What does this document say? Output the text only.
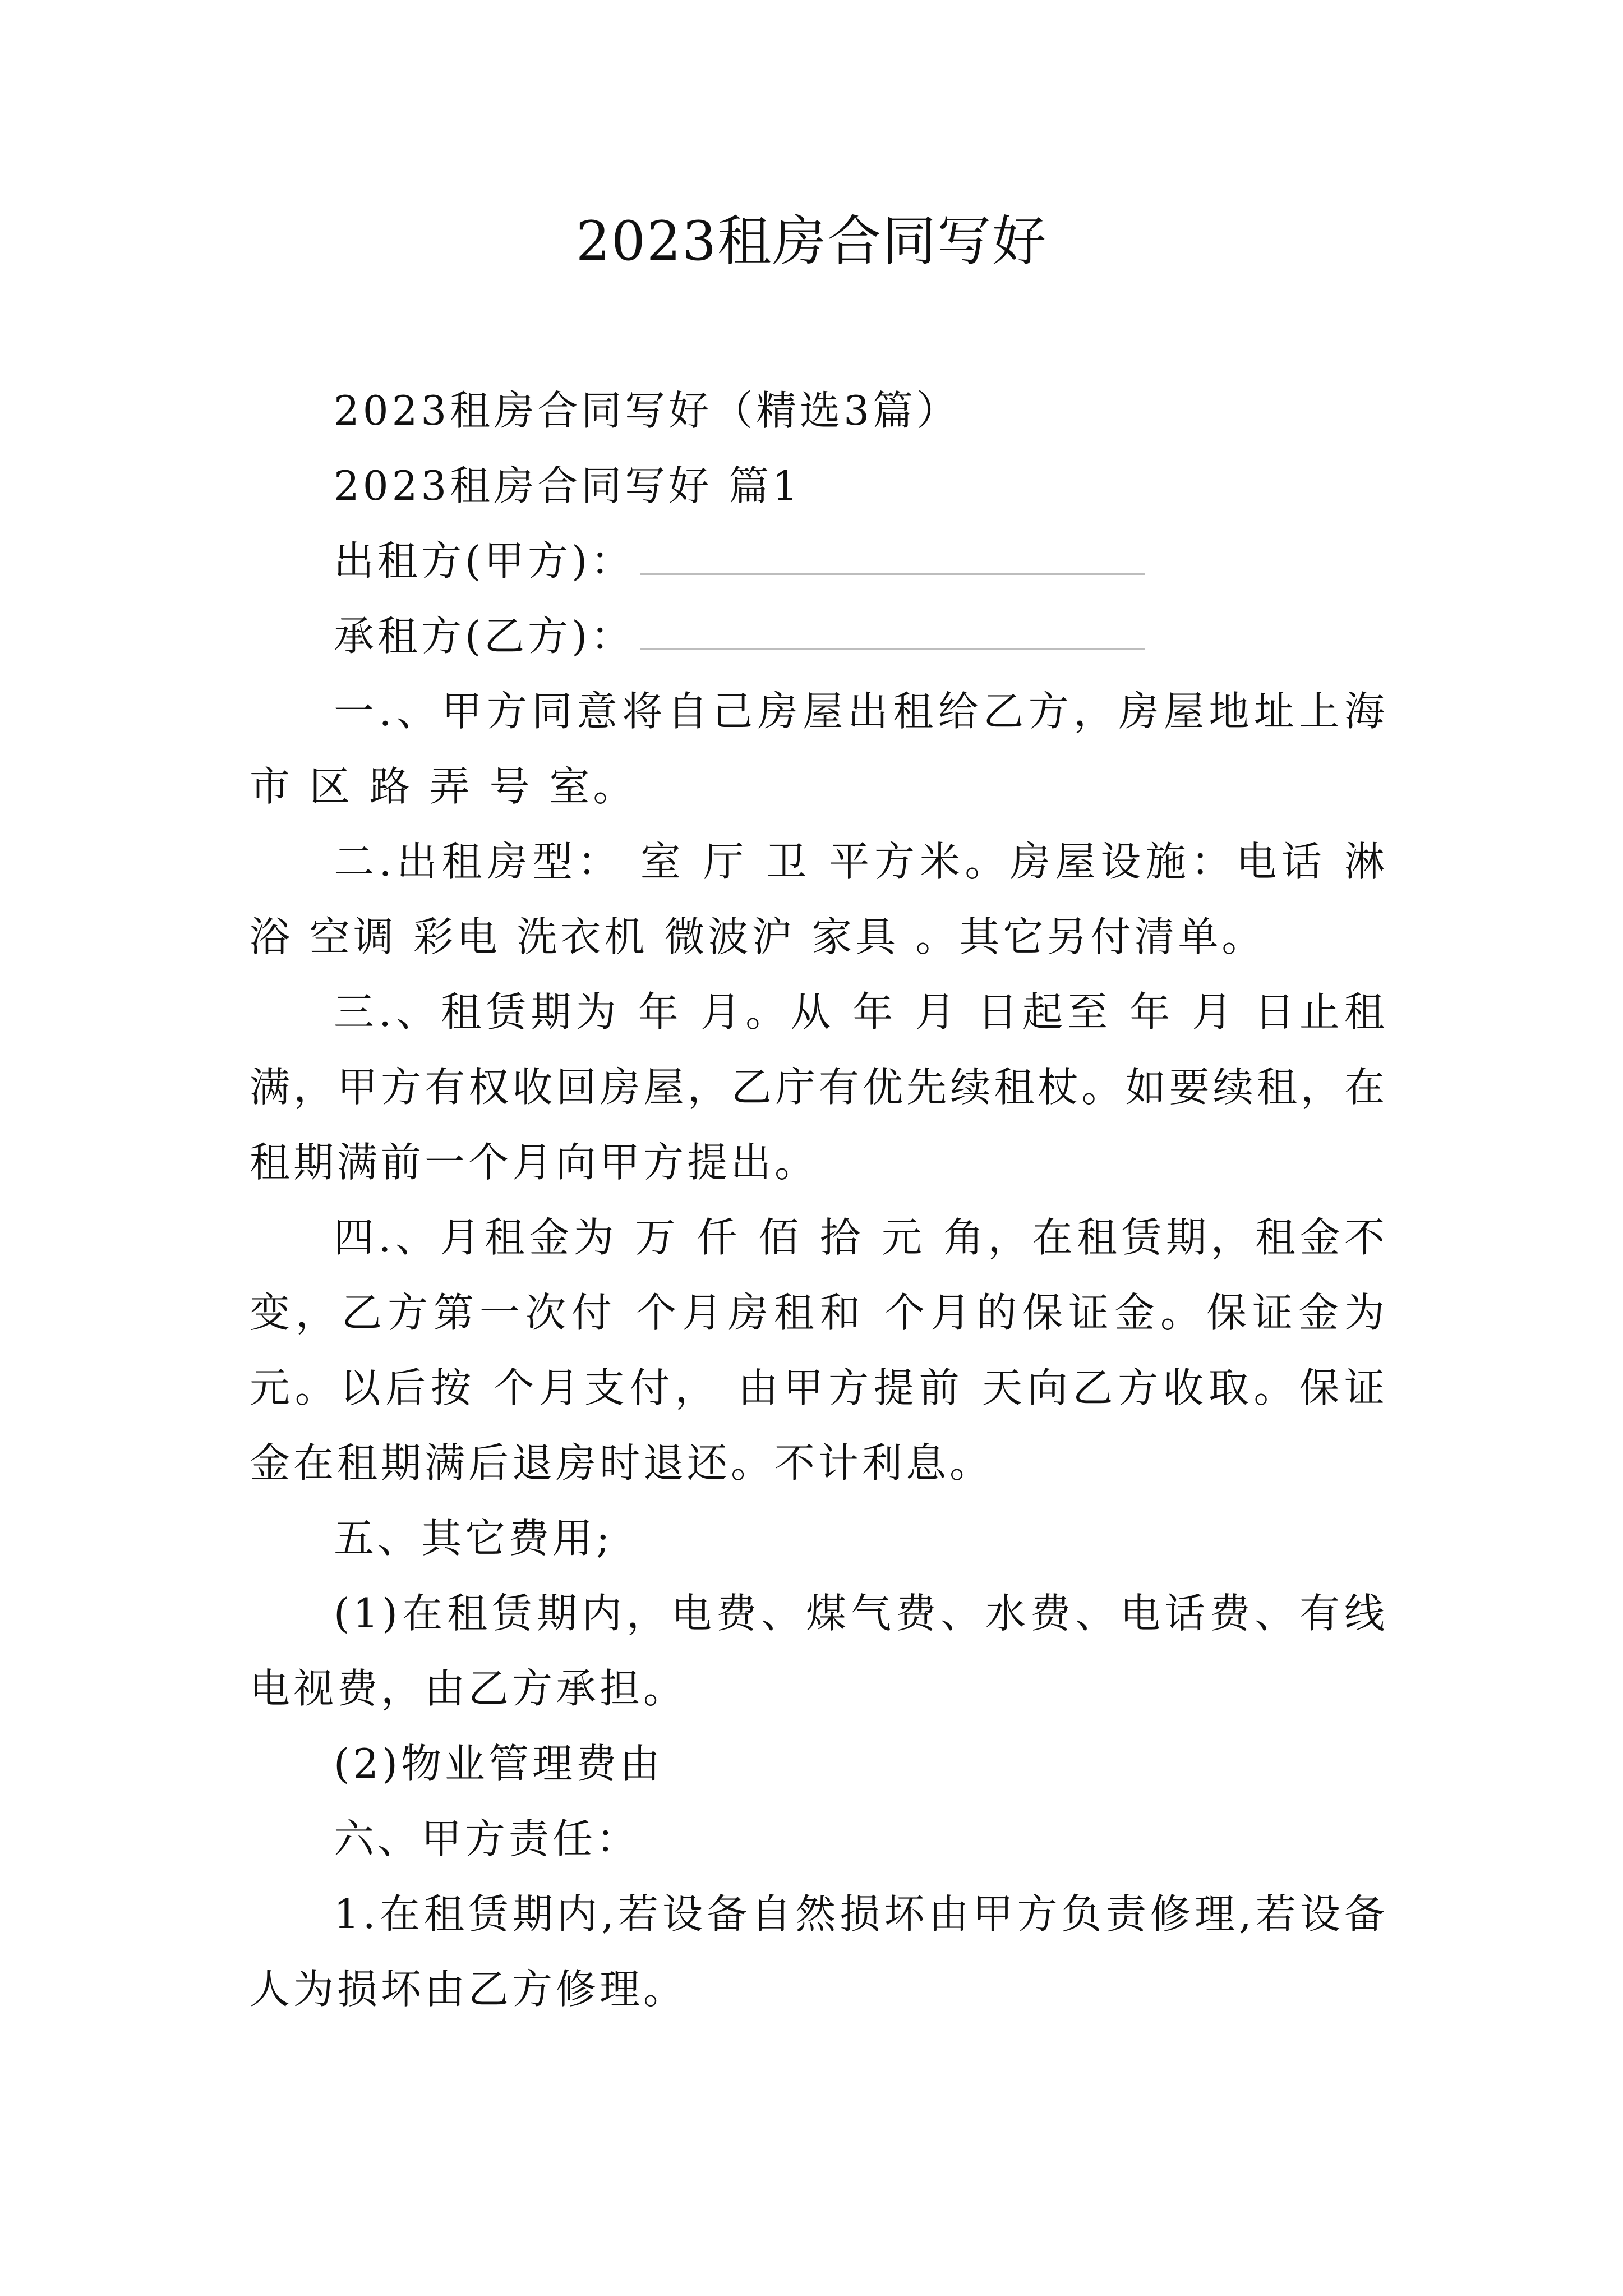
2023租房合同写好

2023租房合同写好（精选3篇）

2023租房合同写好 篇1

出租方(甲方)：

承租方(乙方)：

一.、甲方同意将自己房屋出租给乙方，房屋地址上海市 区 路 弄 号 室。

二.出租房型： 室 厅 卫 平方米。房屋设施：电话 淋浴 空调 彩电 洗衣机 微波沪 家具 。其它另付清单。

三.、租赁期为 年 月。从 年 月 日起至 年 月 日止租满，甲方有权收回房屋，乙庁有优先续租杖。如要续租，在租期满前一个月向甲方提出。

四.、月租金为 万 仟 佰 拾 元 角，在租赁期，租金不变，乙方第一次付 个月房租和 个月的保证金。保证金为 元。以后按 个月支付， 由甲方提前 天向乙方收取。保证金在租期满后退房时退还。不计利息。

五、其它费用;

(1)在租赁期内，电费、煤气费、水费、电话费、有线电视费，由乙方承担。

(2)物业管理费由

六、甲方责任：

1.在租赁期内,若设备自然损坏由甲方负责修理,若设备人为损坏由乙方修理。
